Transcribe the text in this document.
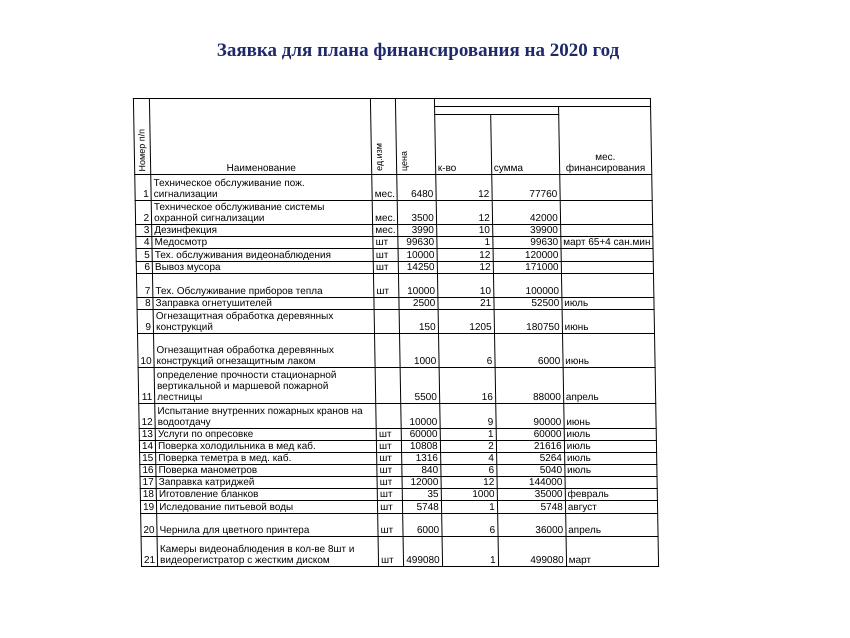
Заявка для плана финансирования на 2020 год
Номер п/п	Наименование	ед.изм	цена			
						мес. финансирования
				к-во	сумма	
1	Техническое обслуживание пож. сигнализации	мес.	6480	12	77760	
2	Техническое обслуживание системы охранной сигнализации	мес.	3500	12	42000	
3	Дезинфекция	мес.	3990	10	39900	
4	Медосмотр	шт	99630	1	99630	март 65+4 сан.мин
5	Тех. обслуживания видеонаблюдения	шт	10000	12	120000	
6	Вывоз мусора	шт	14250	12	171000	
7	Тех. Обслуживание приборов тепла	шт	10000	10	100000	
8	Заправка огнетушителей		2500	21	52500	июль
9	Огнезащитная обработка деревянных конструкций		150	1205	180750	июнь
10	Огнезащитная обработка деревянных конструкций огнезащитным лаком		1000	6	6000	июнь
11	определение прочности стационарной вертикальной и маршевой пожарной лестницы		5500	16	88000	апрель
12	Испытание внутренних пожарных кранов на водоотдачу		10000	9	90000	июнь
13	Услуги по опресовке	шт	60000	1	60000	июль
14	Поверка холодильника в мед каб.	шт	10808	2	21616	июль
15	Поверка теметра в мед. каб.	шт	1316	4	5264	июль
16	Поверка манометров	шт	840	6	5040	июль
17	Заправка катриджей	шт	12000	12	144000	
18	Иготовление бланков	шт	35	1000	35000	февраль
19	Иследование питьевой воды	шт	5748	1	5748	август
20	Чернила для цветного принтера	шт	6000	6	36000	апрель
21	Камеры видеонаблюдения в кол-ве 8шт и видеорегистратор с жестким диском	шт	499080	1	499080	март
